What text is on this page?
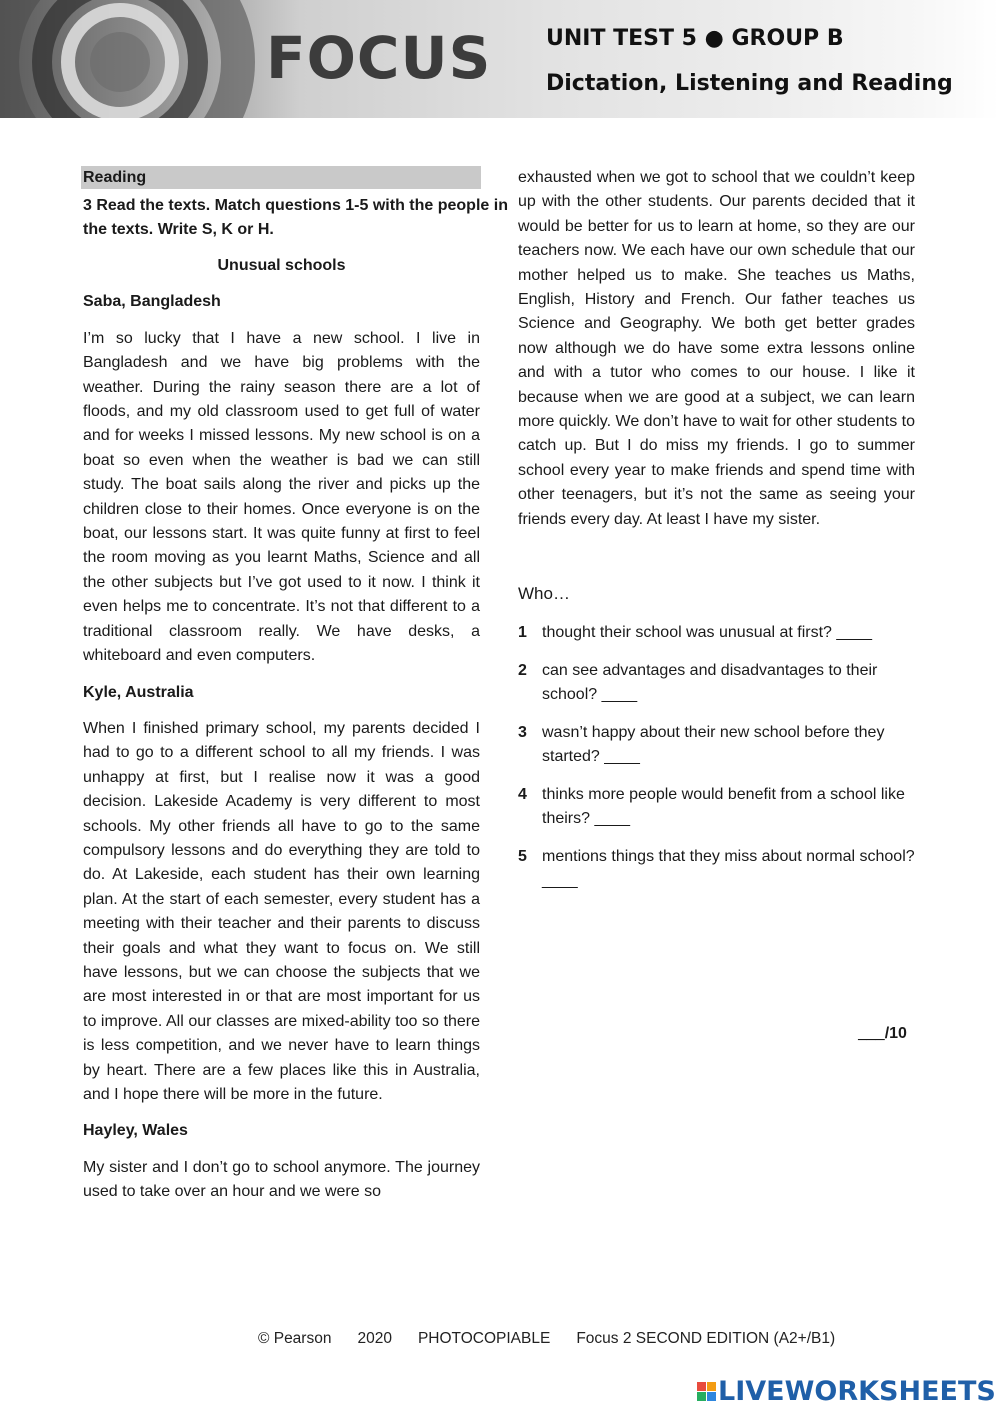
FOCUS UNIT TEST 5 ● GROUP B
Dictation, Listening and Reading
Reading
3 Read the texts. Match questions 1-5 with the people in the texts. Write S, K or H.
Unusual schools
Saba, Bangladesh
I’m so lucky that I have a new school. I live in Bangladesh and we have big problems with the weather. During the rainy season there are a lot of floods, and my old classroom used to get full of water and for weeks I missed lessons. My new school is on a boat so even when the weather is bad we can still study. The boat sails along the river and picks up the children close to their homes. Once everyone is on the boat, our lessons start. It was quite funny at first to feel the room moving as you learnt Maths, Science and all the other subjects but I’ve got used to it now. I think it even helps me to concentrate. It’s not that different to a traditional classroom really. We have desks, a whiteboard and even computers.
Kyle, Australia
When I finished primary school, my parents decided I had to go to a different school to all my friends. I was unhappy at first, but I realise now it was a good decision. Lakeside Academy is very different to most schools. My other friends all have to go to the same compulsory lessons and do everything they are told to do. At Lakeside, each student has their own learning plan. At the start of each semester, every student has a meeting with their teacher and their parents to discuss their goals and what they want to focus on. We still have lessons, but we can choose the subjects that we are most interested in or that are most important for us to improve. All our classes are mixed-ability too so there is less competition, and we never have to learn things by heart. There are a few places like this in Australia, and I hope there will be more in the future.
Hayley, Wales
My sister and I don’t go to school anymore. The journey used to take over an hour and we were so
exhausted when we got to school that we couldn’t keep up with the other students. Our parents decided that it would be better for us to learn at home, so they are our teachers now. We each have our own schedule that our mother helped us to make. She teaches us Maths, English, History and French. Our father teaches us Science and Geography. We both get better grades now although we do have some extra lessons online and with a tutor who comes to our house. I like it because when we are good at a subject, we can learn more quickly. We don’t have to wait for other students to catch up. But I do miss my friends. I go to summer school every year to make friends and spend time with other teenagers, but it’s not the same as seeing your friends every day. At least I have my sister.
Who…
1 thought their school was unusual at first? ____
2 can see advantages and disadvantages to their school? ____
3 wasn’t happy about their new school before they started? ____
4 thinks more people would benefit from a school like theirs? ____
5 mentions things that they miss about normal school? ____
___/10
© Pearson 2020 PHOTOCOPIABLE Focus 2 SECOND EDITION (A2+/B1)
LIVEWORKSHEETS
